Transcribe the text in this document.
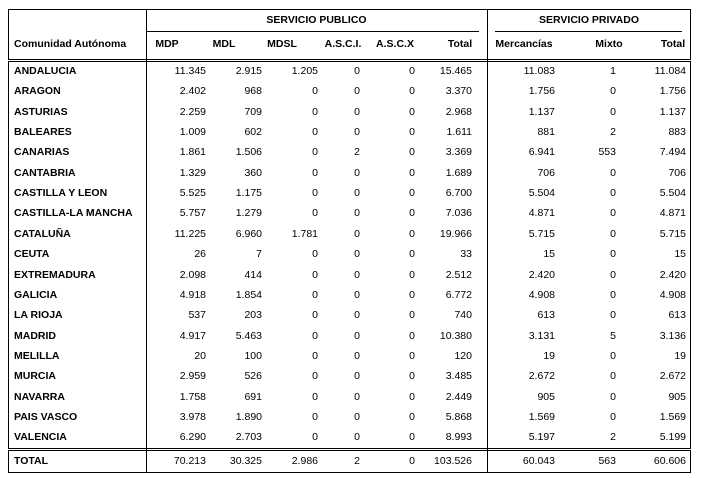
SERVICIO PUBLICO	SERVICIO PRIVADO
Comunidad Autónoma	MDP	MDL	MDSL	A.S.C.I.	A.S.C.X	Total	Mercancías	Mixto	Total
ANDALUCIA	11.345	2.915	1.205	0	0	15.465	11.083	1	11.084
ARAGON	2.402	968	0	0	0	3.370	1.756	0	1.756
ASTURIAS	2.259	709	0	0	0	2.968	1.137	0	1.137
BALEARES	1.009	602	0	0	0	1.611	881	2	883
CANARIAS	1.861	1.506	0	2	0	3.369	6.941	553	7.494
CANTABRIA	1.329	360	0	0	0	1.689	706	0	706
CASTILLA Y LEON	5.525	1.175	0	0	0	6.700	5.504	0	5.504
CASTILLA-LA MANCHA	5.757	1.279	0	0	0	7.036	4.871	0	4.871
CATALUÑA	11.225	6.960	1.781	0	0	19.966	5.715	0	5.715
CEUTA	26	7	0	0	0	33	15	0	15
EXTREMADURA	2.098	414	0	0	0	2.512	2.420	0	2.420
GALICIA	4.918	1.854	0	0	0	6.772	4.908	0	4.908
LA RIOJA	537	203	0	0	0	740	613	0	613
MADRID	4.917	5.463	0	0	0	10.380	3.131	5	3.136
MELILLA	20	100	0	0	0	120	19	0	19
MURCIA	2.959	526	0	0	0	3.485	2.672	0	2.672
NAVARRA	1.758	691	0	0	0	2.449	905	0	905
PAIS VASCO	3.978	1.890	0	0	0	5.868	1.569	0	1.569
VALENCIA	6.290	2.703	0	0	0	8.993	5.197	2	5.199
TOTAL	70.213	30.325	2.986	2	0	103.526	60.043	563	60.606
